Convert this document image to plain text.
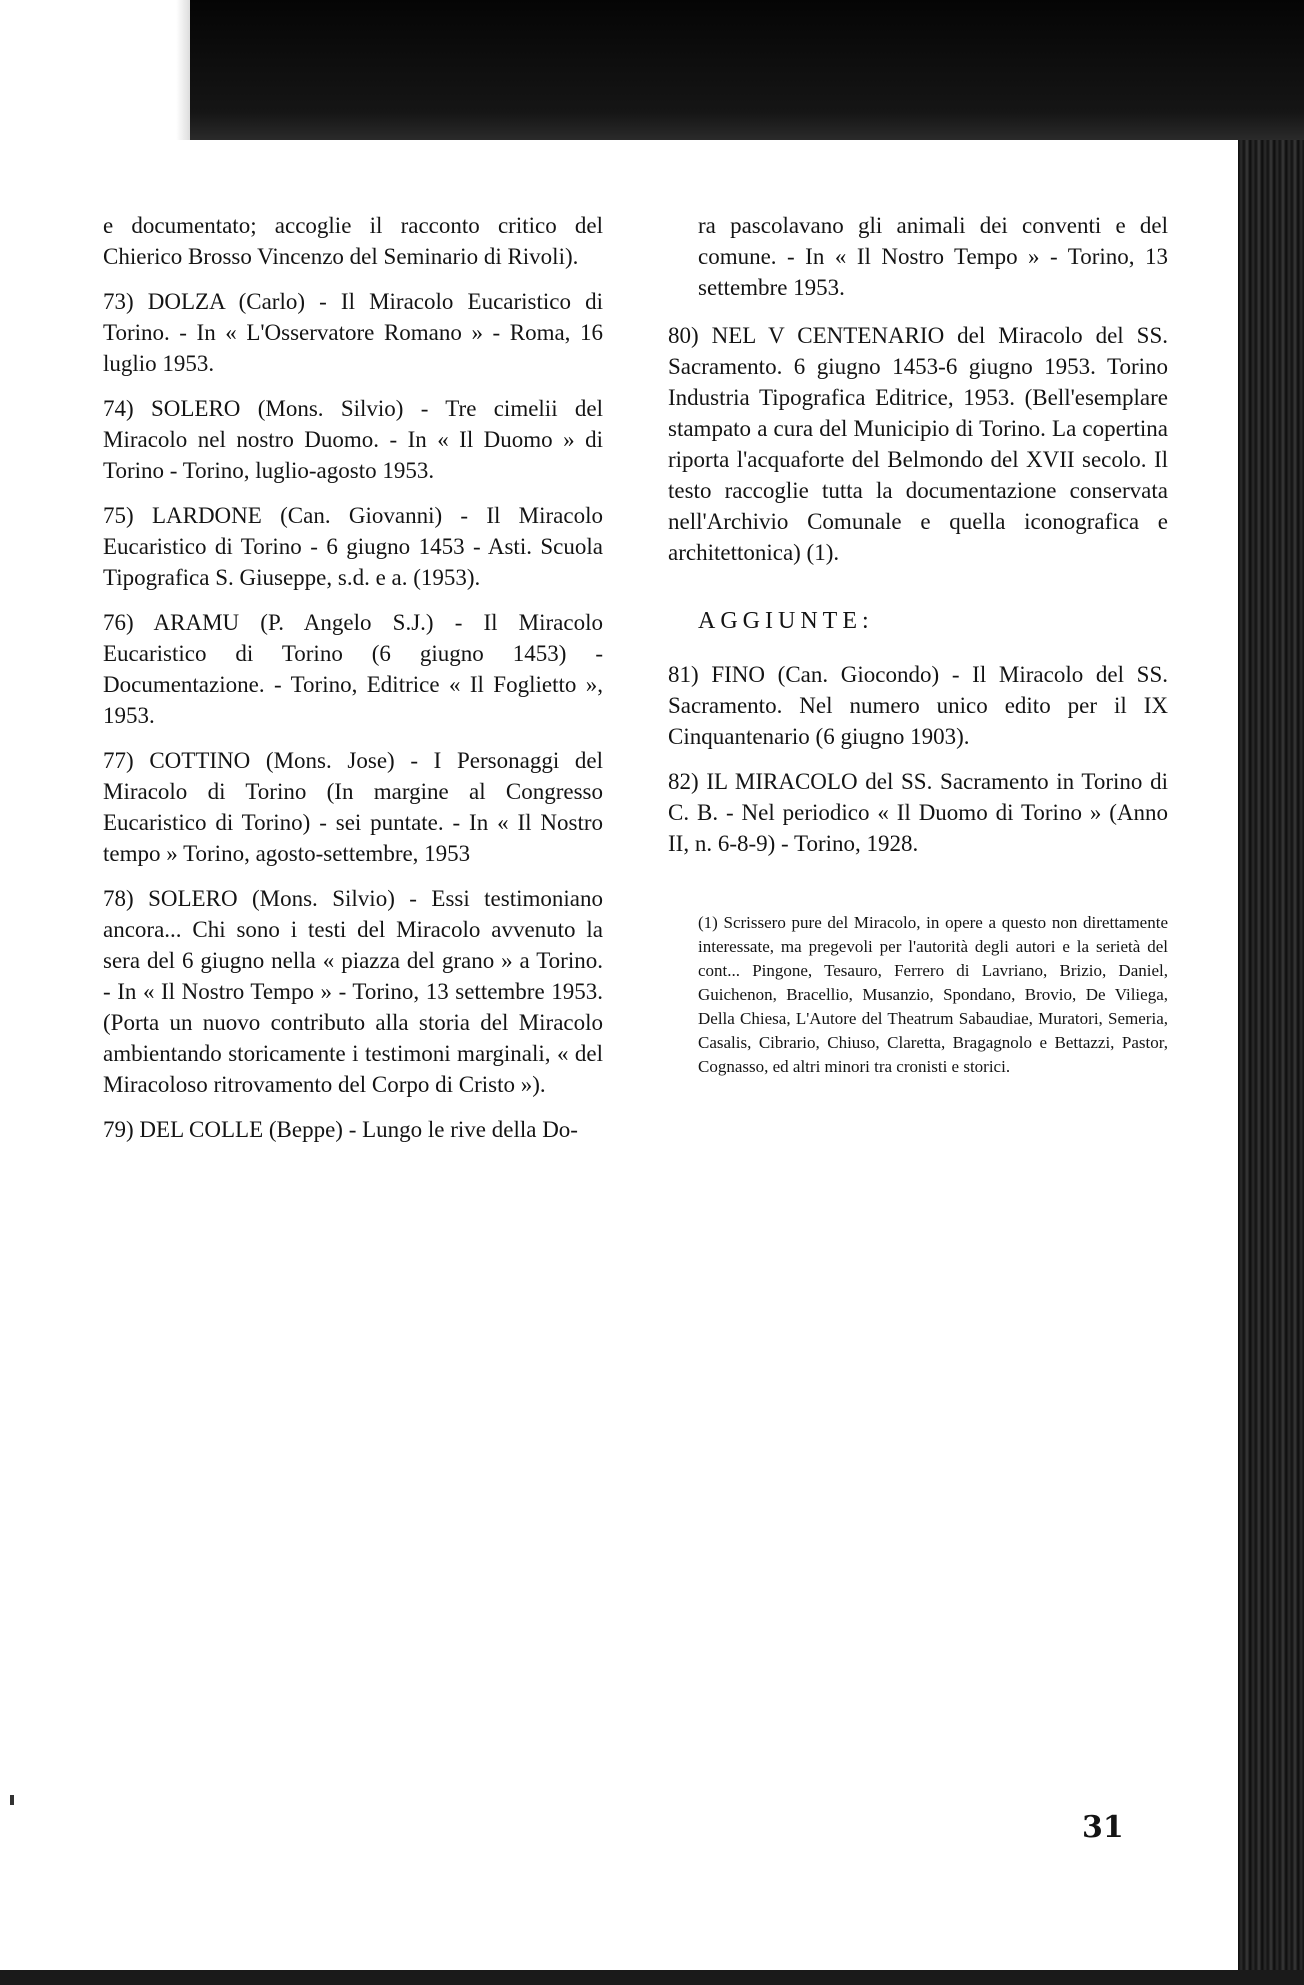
e documentato; accoglie il racconto critico del Chierico Brosso Vincenzo del Seminario di Rivoli).

73) DOLZA (Carlo) - Il Miracolo Eucaristico di Torino. - In « L'Osservatore Romano » - Roma, 16 luglio 1953.

74) SOLERO (Mons. Silvio) - Tre cimelii del Miracolo nel nostro Duomo. - In « Il Duomo » di Torino - Torino, luglio-agosto 1953.

75) LARDONE (Can. Giovanni) - Il Miracolo Eucaristico di Torino - 6 giugno 1453 - Asti. Scuola Tipografica S. Giuseppe, s.d. e a. (1953).

76) ARAMU (P. Angelo S.J.) - Il Miracolo Eucaristico di Torino (6 giugno 1453) - Documentazione. - Torino, Editrice « Il Foglietto », 1953.

77) COTTINO (Mons. Jose) - I Personaggi del Miracolo di Torino (In margine al Congresso Eucaristico di Torino) - sei puntate. - In « Il Nostro tempo » Torino, agosto-settembre, 1953

78) SOLERO (Mons. Silvio) - Essi testimoniano ancora... Chi sono i testi del Miracolo avvenuto la sera del 6 giugno nella « piazza del grano » a Torino. - In « Il Nostro Tempo » - Torino, 13 settembre 1953. (Porta un nuovo contributo alla storia del Miracolo ambientando storicamente i testimoni marginali, « del Miracoloso ritrovamento del Corpo di Cristo »).

79) DEL COLLE (Beppe) - Lungo le rive della Do-

ra pascolavano gli animali dei conventi e del comune. - In « Il Nostro Tempo » - Torino, 13 settembre 1953.

80) NEL V CENTENARIO del Miracolo del SS. Sacramento. 6 giugno 1453-6 giugno 1953. Torino Industria Tipografica Editrice, 1953. (Bell'esemplare stampato a cura del Municipio di Torino. La copertina riporta l'acquaforte del Belmondo del XVII secolo. Il testo raccoglie tutta la documentazione conservata nell'Archivio Comunale e quella iconografica e architettonica) (1).

AGGIUNTE:

81) FINO (Can. Giocondo) - Il Miracolo del SS. Sacramento. Nel numero unico edito per il IX Cinquantenario (6 giugno 1903).

82) IL MIRACOLO del SS. Sacramento in Torino di C. B. - Nel periodico « Il Duomo di Torino » (Anno II, n. 6-8-9) - Torino, 1928.

(1) Scrissero pure del Miracolo, in opere a questo non direttamente interessate, ma pregevoli per l'autorità degli autori e la serietà del cont... Pingone, Tesauro, Ferrero di Lavriano, Brizio, Daniel, Guichenon, Bracellio, Musanzio, Spondano, Brovio, De Viliega, Della Chiesa, L'Autore del Theatrum Sabaudiae, Muratori, Semeria, Casalis, Cibrario, Chiuso, Claretta, Bragagnolo e Bettazzi, Pastor, Cognasso, ed altri minori tra cronisti e storici.

31
